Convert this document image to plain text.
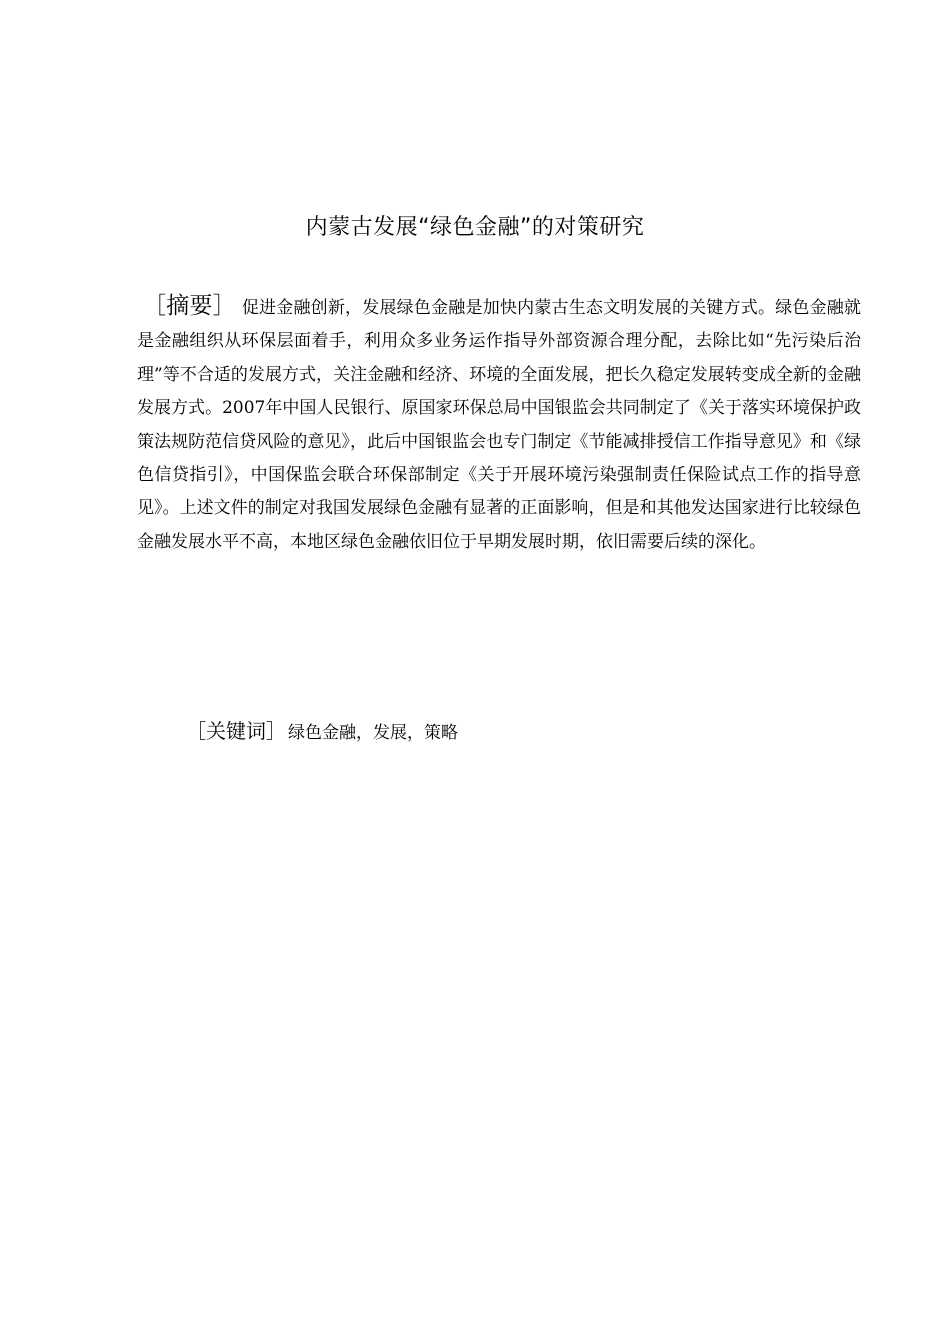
内蒙古发展“绿色金融”的对策研究
［摘要］ 促进金融创新，发展绿色金融是加快内蒙古生态文明发展的关键方式。绿色金融就是金融组织从环保层面着手，利用众多业务运作指导外部资源合理分配，去除比如“先污染后治理”等不合适的发展方式，关注金融和经济、环境的全面发展，把长久稳定发展转变成全新的金融发展方式。2007年中国人民银行、原国家环保总局中国银监会共同制定了《关于落实环境保护政策法规防范信贷风险的意见》，此后中国银监会也专门制定《节能减排授信工作指导意见》和《绿色信贷指引》，中国保监会联合环保部制定《关于开展环境污染强制责任保险试点工作的指导意见》。上述文件的制定对我国发展绿色金融有显著的正面影响，但是和其他发达国家进行比较绿色金融发展水平不高，本地区绿色金融依旧位于早期发展时期，依旧需要后续的深化。
［关键词］ 绿色金融，发展，策略
